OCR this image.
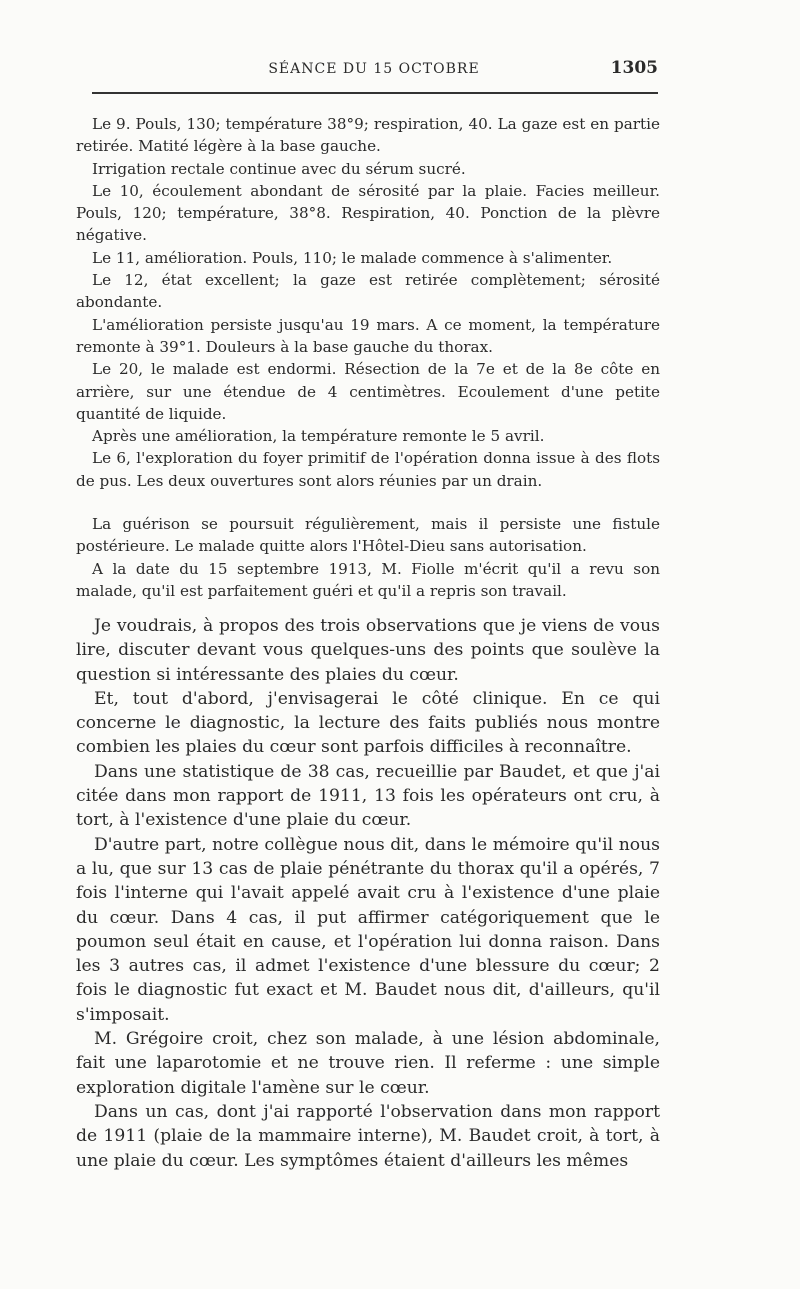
SÉANCE DU 15 OCTOBRE	1305

Le 9. Pouls, 130; température 38°9; respiration, 40. La gaze est en partie retirée. Matité légère à la base gauche.

Irrigation rectale continue avec du sérum sucré.

Le 10, écoulement abondant de sérosité par la plaie. Facies meilleur. Pouls, 120; température, 38°8. Respiration, 40. Ponction de la plèvre négative.

Le 11, amélioration. Pouls, 110; le malade commence à s'alimenter.

Le 12, état excellent; la gaze est retirée complètement; sérosité abondante.

L'amélioration persiste jusqu'au 19 mars. A ce moment, la température remonte à 39°1. Douleurs à la base gauche du thorax.

Le 20, le malade est endormi. Résection de la 7e et de la 8e côte en arrière, sur une étendue de 4 centimètres. Ecoulement d'une petite quantité de liquide.

Après une amélioration, la température remonte le 5 avril.

Le 6, l'exploration du foyer primitif de l'opération donna issue à des flots de pus. Les deux ouvertures sont alors réunies par un drain.

La guérison se poursuit régulièrement, mais il persiste une fistule postérieure. Le malade quitte alors l'Hôtel-Dieu sans autorisation.

A la date du 15 septembre 1913, M. Fiolle m'écrit qu'il a revu son malade, qu'il est parfaitement guéri et qu'il a repris son travail.

Je voudrais, à propos des trois observations que je viens de vous lire, discuter devant vous quelques-uns des points que soulève la question si intéressante des plaies du cœur.

Et, tout d'abord, j'envisagerai le côté clinique. En ce qui concerne le diagnostic, la lecture des faits publiés nous montre combien les plaies du cœur sont parfois difficiles à reconnaître.

Dans une statistique de 38 cas, recueillie par Baudet, et que j'ai citée dans mon rapport de 1911, 13 fois les opérateurs ont cru, à tort, à l'existence d'une plaie du cœur.

D'autre part, notre collègue nous dit, dans le mémoire qu'il nous a lu, que sur 13 cas de plaie pénétrante du thorax qu'il a opérés, 7 fois l'interne qui l'avait appelé avait cru à l'existence d'une plaie du cœur. Dans 4 cas, il put affirmer catégoriquement que le poumon seul était en cause, et l'opération lui donna raison. Dans les 3 autres cas, il admet l'existence d'une blessure du cœur; 2 fois le diagnostic fut exact et M. Baudet nous dit, d'ailleurs, qu'il s'imposait.

M. Grégoire croit, chez son malade, à une lésion abdominale, fait une laparotomie et ne trouve rien. Il referme : une simple exploration digitale l'amène sur le cœur.

Dans un cas, dont j'ai rapporté l'observation dans mon rapport de 1911 (plaie de la mammaire interne), M. Baudet croit, à tort, à une plaie du cœur. Les symptômes étaient d'ailleurs les mêmes
